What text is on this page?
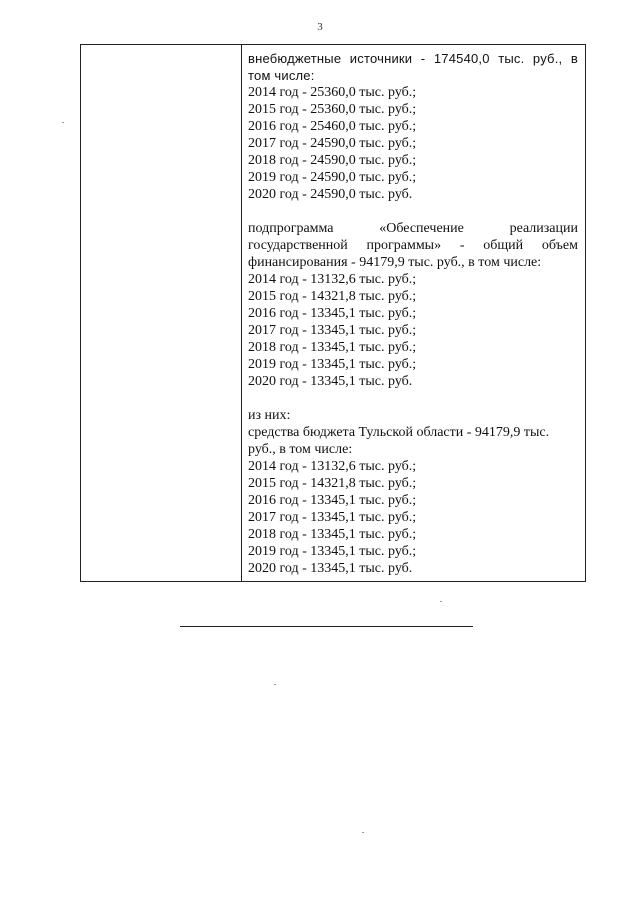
3
внебюджетные источники - 174540,0 тыс. руб., в
том числе:
2014 год - 25360,0 тыс. руб.;
2015 год - 25360,0 тыс. руб.;
2016 год - 25460,0 тыс. руб.;
2017 год - 24590,0 тыс. руб.;
2018 год - 24590,0 тыс. руб.;
2019 год - 24590,0 тыс. руб.;
2020 год - 24590,0 тыс. руб.
подпрограмма	«Обеспечение	реализации
государственной программы» - общий объем
финансирования - 94179,9 тыс. руб., в том числе:
2014 год - 13132,6 тыс. руб.;
2015 год - 14321,8 тыс. руб.;
2016 год - 13345,1 тыс. руб.;
2017 год - 13345,1 тыс. руб.;
2018 год - 13345,1 тыс. руб.;
2019 год - 13345,1 тыс. руб.;
2020 год - 13345,1 тыс. руб.
из них:
средства бюджета Тульской области - 94179,9 тыс.
руб., в том числе:
2014 год - 13132,6 тыс. руб.;
2015 год - 14321,8 тыс. руб.;
2016 год - 13345,1 тыс. руб.;
2017 год - 13345,1 тыс. руб.;
2018 год - 13345,1 тыс. руб.;
2019 год - 13345,1 тыс. руб.;
2020 год - 13345,1 тыс. руб.
